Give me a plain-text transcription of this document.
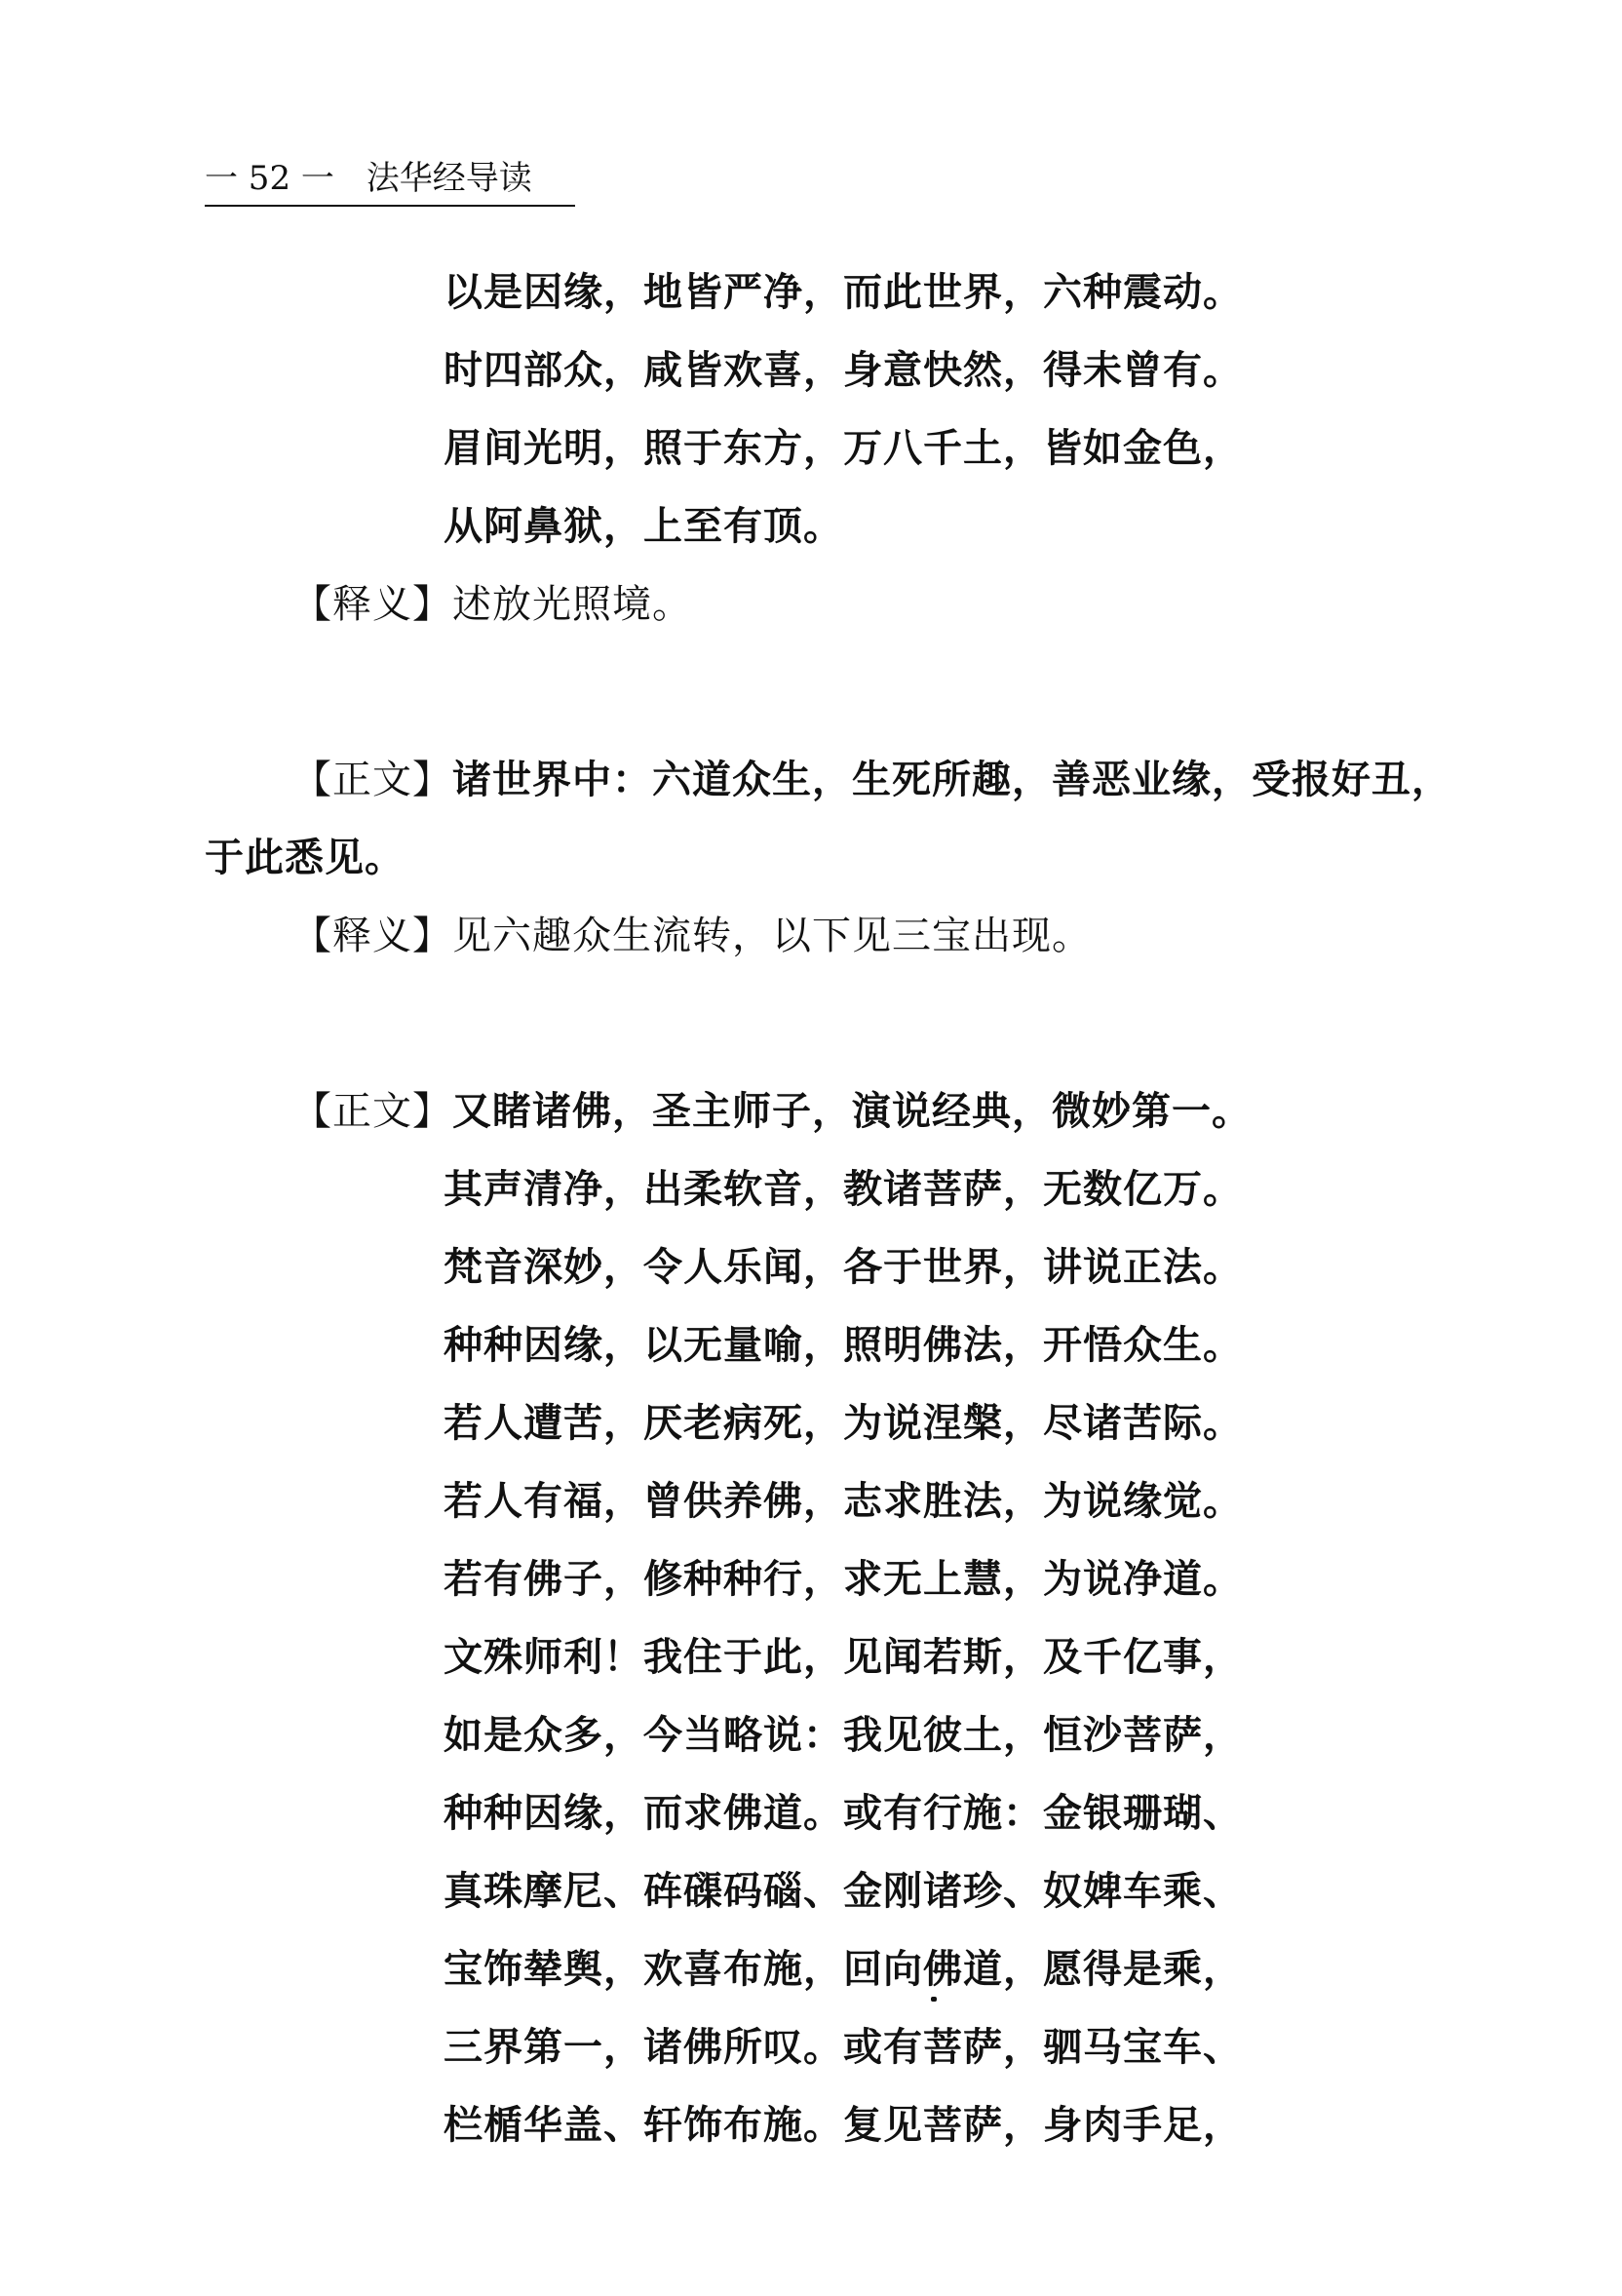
一 52 一 法华经导读
以是因缘，地皆严净，而此世界，六种震动。
时四部众，咸皆欢喜，身意快然，得未曾有。
眉间光明，照于东方，万八千土，皆如金色，
从阿鼻狱，上至有顶。
【释义】述放光照境。
【正文】诸世界中：六道众生，生死所趣，善恶业缘，受报好丑，
于此悉见。
【释义】见六趣众生流转，以下见三宝出现。
【正文】又睹诸佛，圣主师子，演说经典，微妙第一。
其声清净，出柔软音，教诸菩萨，无数亿万。
梵音深妙，令人乐闻，各于世界，讲说正法。
种种因缘，以无量喻，照明佛法，开悟众生。
若人遭苦，厌老病死，为说涅槃，尽诸苦际。
若人有福，曾供养佛，志求胜法，为说缘觉。
若有佛子，修种种行，求无上慧，为说净道。
文殊师利！我住于此，见闻若斯，及千亿事，
如是众多，今当略说：我见彼土，恒沙菩萨，
种种因缘，而求佛道。或有行施：金银珊瑚、
真珠摩尼、砗磲码碯、金刚诸珍、奴婢车乘、
宝饰辇舆，欢喜布施，回向佛道，愿得是乘，
三界第一，诸佛所叹。或有菩萨，驷马宝车、
栏楯华盖、轩饰布施。复见菩萨，身肉手足，
